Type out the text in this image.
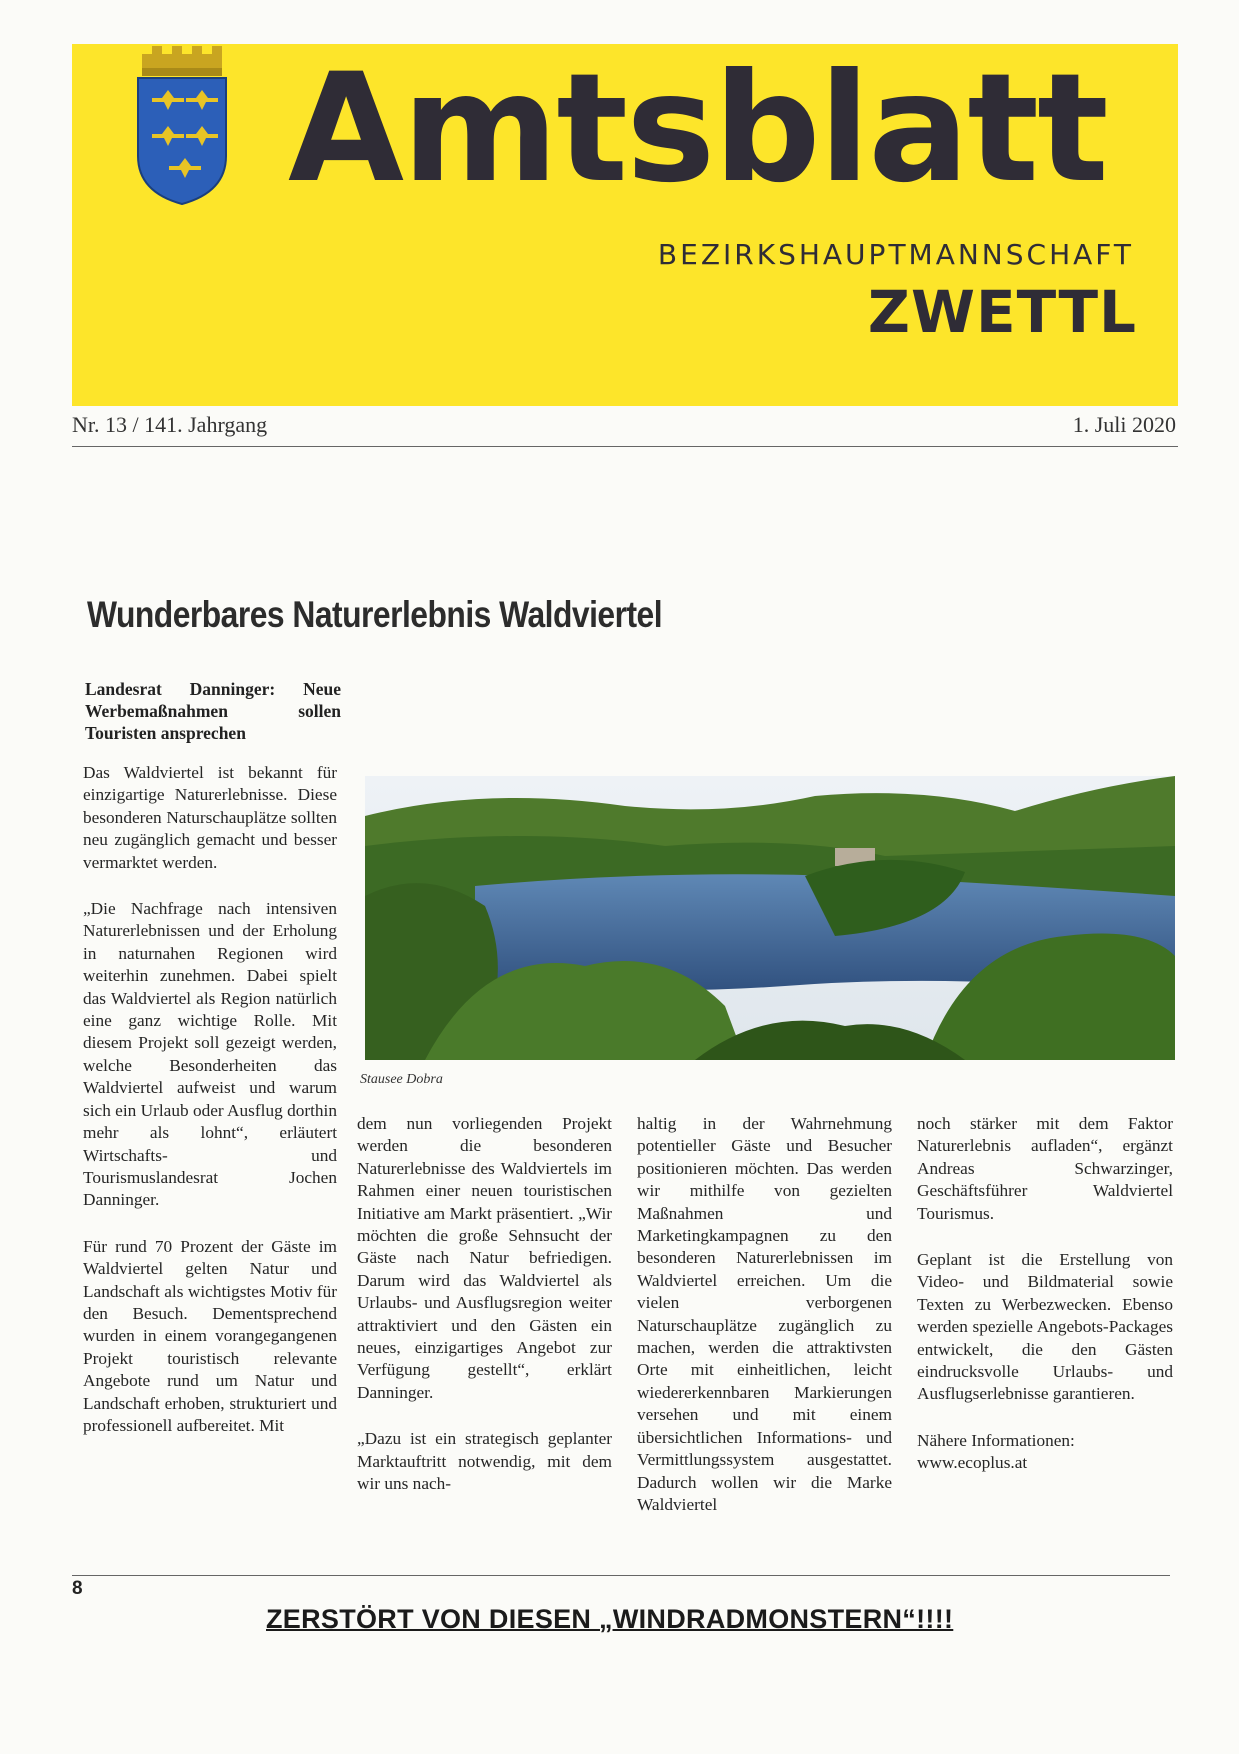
Amtsblatt
BEZIRKSHAUPTMANNSCHAFT
ZWETTL
Nr. 13 / 141. Jahrgang	1. Juli 2020
Wunderbares Naturerlebnis Waldviertel

Landesrat Danninger: Neue Werbemaßnahmen sollen Touristen ansprechen

Das Waldviertel ist bekannt für einzigartige Naturerlebnisse. Diese besonderen Naturschauplätze sollten neu zugänglich gemacht und besser vermarktet werden.

„Die Nachfrage nach intensiven Naturerlebnissen und der Erholung in naturnahen Regionen wird weiterhin zunehmen. Dabei spielt das Waldviertel als Region natürlich eine ganz wichtige Rolle. Mit diesem Projekt soll gezeigt werden, welche Besonderheiten das Waldviertel aufweist und warum sich ein Urlaub oder Ausflug dorthin mehr als lohnt“, erläutert Wirtschafts- und Tourismuslandesrat Jochen Danninger.

Für rund 70 Prozent der Gäste im Waldviertel gelten Natur und Landschaft als wichtigstes Motiv für den Besuch. Dementsprechend wurden in einem vorangegangenen Projekt touristisch relevante Angebote rund um Natur und Landschaft erhoben, strukturiert und professionell aufbereitet. Mit

Stausee Dobra

dem nun vorliegenden Projekt werden die besonderen Naturerlebnisse des Waldviertels im Rahmen einer neuen touristischen Initiative am Markt präsentiert. „Wir möchten die große Sehnsucht der Gäste nach Natur befriedigen. Darum wird das Waldviertel als Urlaubs- und Ausflugsregion weiter attraktiviert und den Gästen ein neues, einzigartiges Angebot zur Verfügung gestellt“, erklärt Danninger.

„Dazu ist ein strategisch geplanter Marktauftritt notwendig, mit dem wir uns nach-

haltig in der Wahrnehmung potentieller Gäste und Besucher positionieren möchten. Das werden wir mithilfe von gezielten Maßnahmen und Marketingkampagnen zu den besonderen Naturerlebnissen im Waldviertel erreichen. Um die vielen verborgenen Naturschauplätze zugänglich zu machen, werden die attraktivsten Orte mit einheitlichen, leicht wiedererkennbaren Markierungen versehen und mit einem übersichtlichen Informations- und Vermittlungssystem ausgestattet. Dadurch wollen wir die Marke Waldviertel

noch stärker mit dem Faktor Naturerlebnis aufladen“, ergänzt Andreas Schwarzinger, Geschäftsführer Waldviertel Tourismus.

Geplant ist die Erstellung von Video- und Bildmaterial sowie Texten zu Werbezwecken. Ebenso werden spezielle Angebots-Packages entwickelt, die den Gästen eindrucksvolle Urlaubs- und Ausflugserlebnisse garantieren.

Nähere Informationen:
www.ecoplus.at
8
ZERSTÖRT VON DIESEN „WINDRADMONSTERN“!!!!
